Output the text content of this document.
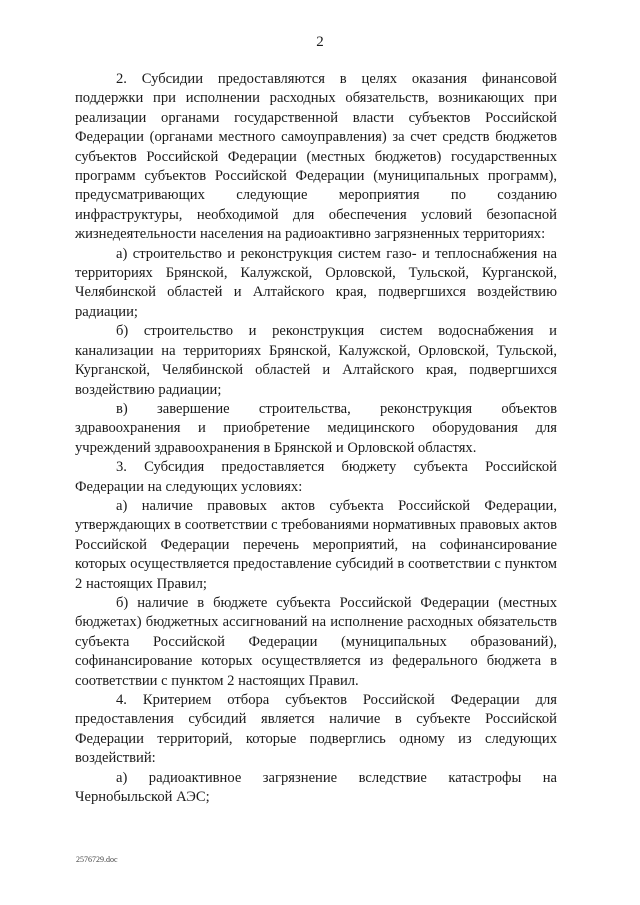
2

2. Субсидии предоставляются в целях оказания финансовой поддержки при исполнении расходных обязательств, возникающих при реализации органами государственной власти субъектов Российской Федерации (органами местного самоуправления) за счет средств бюджетов субъектов Российской Федерации (местных бюджетов) государственных программ субъектов Российской Федерации (муниципальных программ), предусматривающих следующие мероприятия по созданию инфраструктуры, необходимой для обеспечения условий безопасной жизнедеятельности населения на радиоактивно загрязненных территориях:

а) строительство и реконструкция систем газо- и теплоснабжения на территориях Брянской, Калужской, Орловской, Тульской, Курганской, Челябинской областей и Алтайского края, подвергшихся воздействию радиации;

б) строительство и реконструкция систем водоснабжения и канализации на территориях Брянской, Калужской, Орловской, Тульской, Курганской, Челябинской областей и Алтайского края, подвергшихся воздействию радиации;

в) завершение строительства, реконструкция объектов здравоохранения и приобретение медицинского оборудования для учреждений здравоохранения в Брянской и Орловской областях.

3. Субсидия предоставляется бюджету субъекта Российской Федерации на следующих условиях:

а) наличие правовых актов субъекта Российской Федерации, утверждающих в соответствии с требованиями нормативных правовых актов Российской Федерации перечень мероприятий, на софинансирование которых осуществляется предоставление субсидий в соответствии с пунктом 2 настоящих Правил;

б) наличие в бюджете субъекта Российской Федерации (местных бюджетах) бюджетных ассигнований на исполнение расходных обязательств субъекта Российской Федерации (муниципальных образований), софинансирование которых осуществляется из федерального бюджета в соответствии с пунктом 2 настоящих Правил.

4. Критерием отбора субъектов Российской Федерации для предоставления субсидий является наличие в субъекте Российской Федерации территорий, которые подверглись одному из следующих воздействий:

а) радиоактивное загрязнение вследствие катастрофы на Чернобыльской АЭС;

2576729.doc
